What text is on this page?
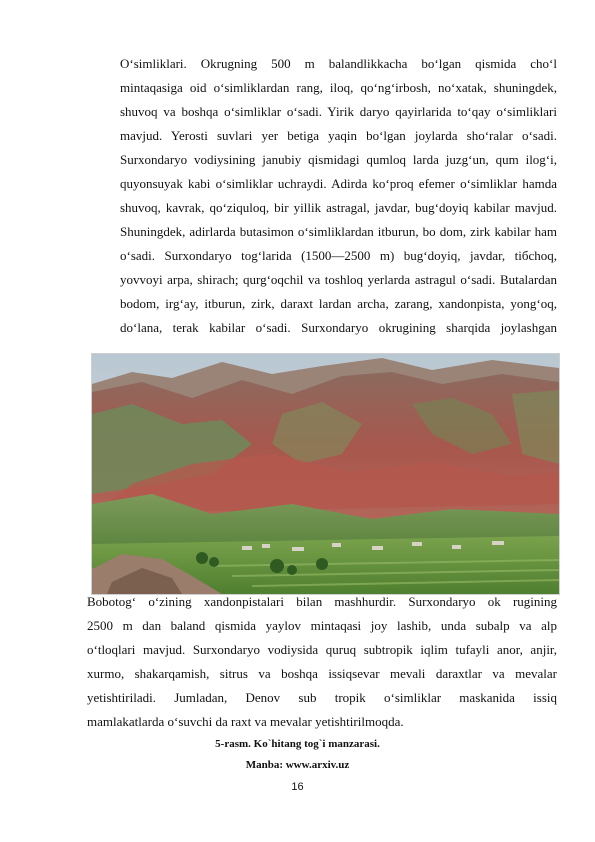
O‘simliklari. Okrugning 500 m balandlikkacha bo‘lgan qismida cho‘l
mintaqasiga oid o‘simliklardan rang, iloq, qo‘ng‘irbosh, no‘xatak, shuningdek,
shuvoq va boshqa o‘simliklar o‘sadi. Yirik daryo qayirlarida to‘qay o‘simliklari
mavjud. Yerosti suvlari yer betiga yaqin bo‘lgan joylarda sho‘ralar o‘sadi.
Surxondaryo vodiysining janubiy qismidagi qumloq larda juzg‘un, qum ilog‘i,
quyonsuyak kabi o‘simliklar uchraydi. Adirda ko‘proq efemer o‘simliklar hamda
shuvoq, kavrak, qo‘ziquloq, bir yillik astragal, javdar, bug‘doyiq kabilar mavjud.
Shuningdek, adirlarda butasimon o‘simliklardan itburun, bo dom, zirk kabilar ham
o‘sadi. Surxondaryo tog‘larida (1500—2500 m) bug‘doyiq, javdar, tiбchoq,
yovvoyi arpa, shirach; qurg‘oqchil va toshloq yerlarda astragul o‘sadi. Butalardan
bodom, irg‘ay, itburun, zirk, daraxt lardan archa, zarang, xandonpista, yong‘oq,
do‘lana, terak kabilar o‘sadi. Surxondaryo okrugining sharqida joylashgan
Bobotog‘ o‘zining xandonpistalari bilan mashhurdir. Surxondaryo ok rugining
2500 m dan baland qismida yaylov mintaqasi joy lashib, unda subalp va alp
o‘tloqlari mavjud. Surxondaryo vodiysida quruq subtropik iqlim tufayli anor, anjir,
xurmo, shakarqamish, sitrus va boshqa issiqsevar mevali daraxtlar va mevalar
yetishtiriladi. Jumladan, Denov sub tropik o‘simliklar maskanida issiq
mamlakatlarda o‘suvchi da raxt va mevalar yetishtirilmoqda.
5-rasm. Ko`hitang tog`i manzarasi.
Manba: www.arxiv.uz
16
